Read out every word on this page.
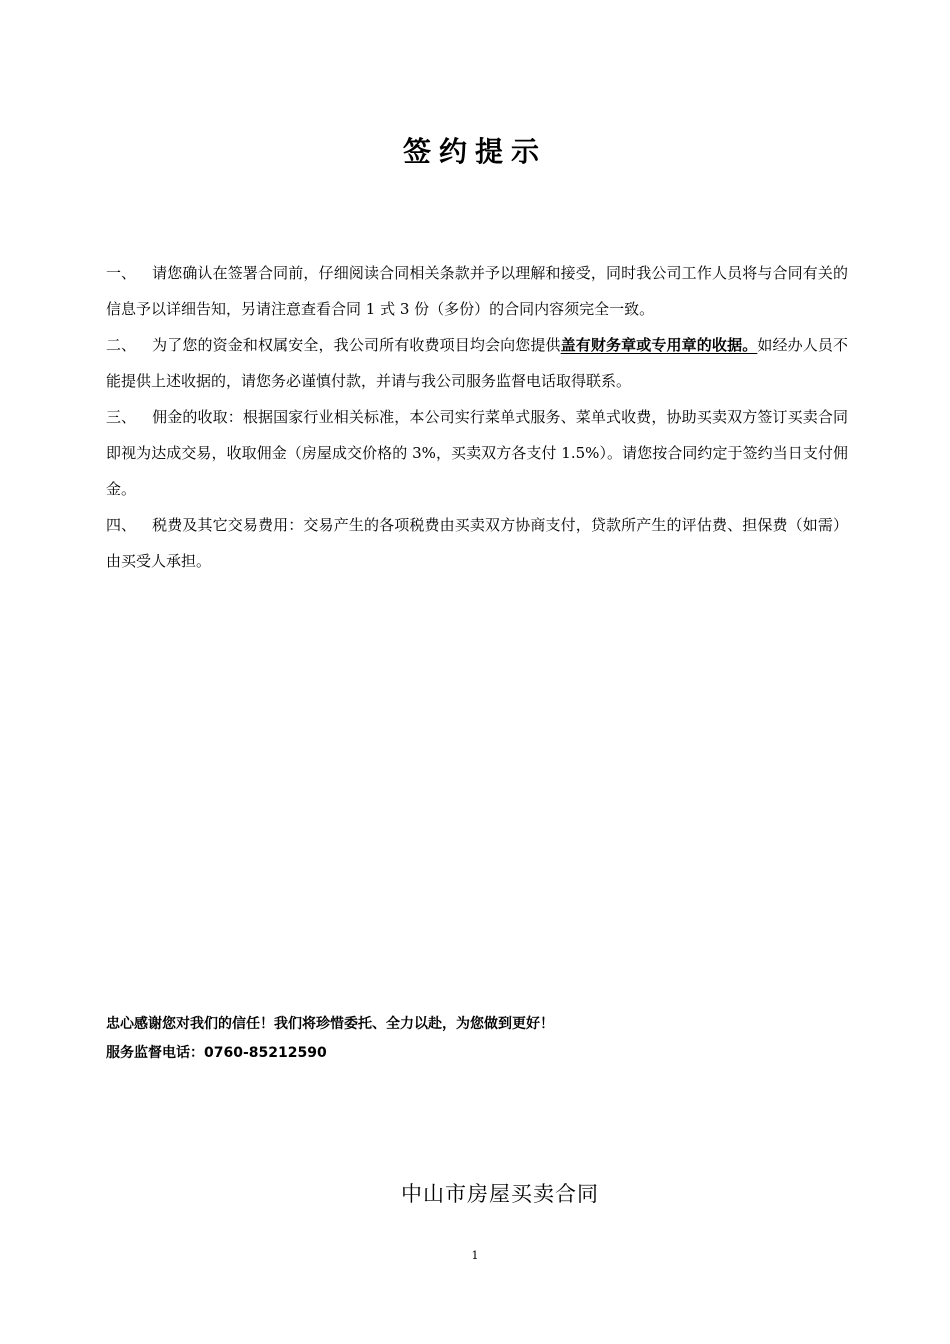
签约提示

一、 请您确认在签署合同前，仔细阅读合同相关条款并予以理解和接受，同时我公司工作人员将与合同有关的信息予以详细告知，另请注意查看合同 1 式 3 份（多份）的合同内容须完全一致。

二、 为了您的资金和权属安全，我公司所有收费项目均会向您提供盖有财务章或专用章的收据。如经办人员不能提供上述收据的，请您务必谨慎付款，并请与我公司服务监督电话取得联系。

三、 佣金的收取：根据国家行业相关标准，本公司实行菜单式服务、菜单式收费，协助买卖双方签订买卖合同即视为达成交易，收取佣金（房屋成交价格的 3%，买卖双方各支付 1.5%）。请您按合同约定于签约当日支付佣金。

四、 税费及其它交易费用：交易产生的各项税费由买卖双方协商支付，贷款所产生的评估费、担保费（如需）由买受人承担。

忠心感谢您对我们的信任！我们将珍惜委托、全力以赴，为您做到更好！

服务监督电话：0760-85212590

中山市房屋买卖合同
1
